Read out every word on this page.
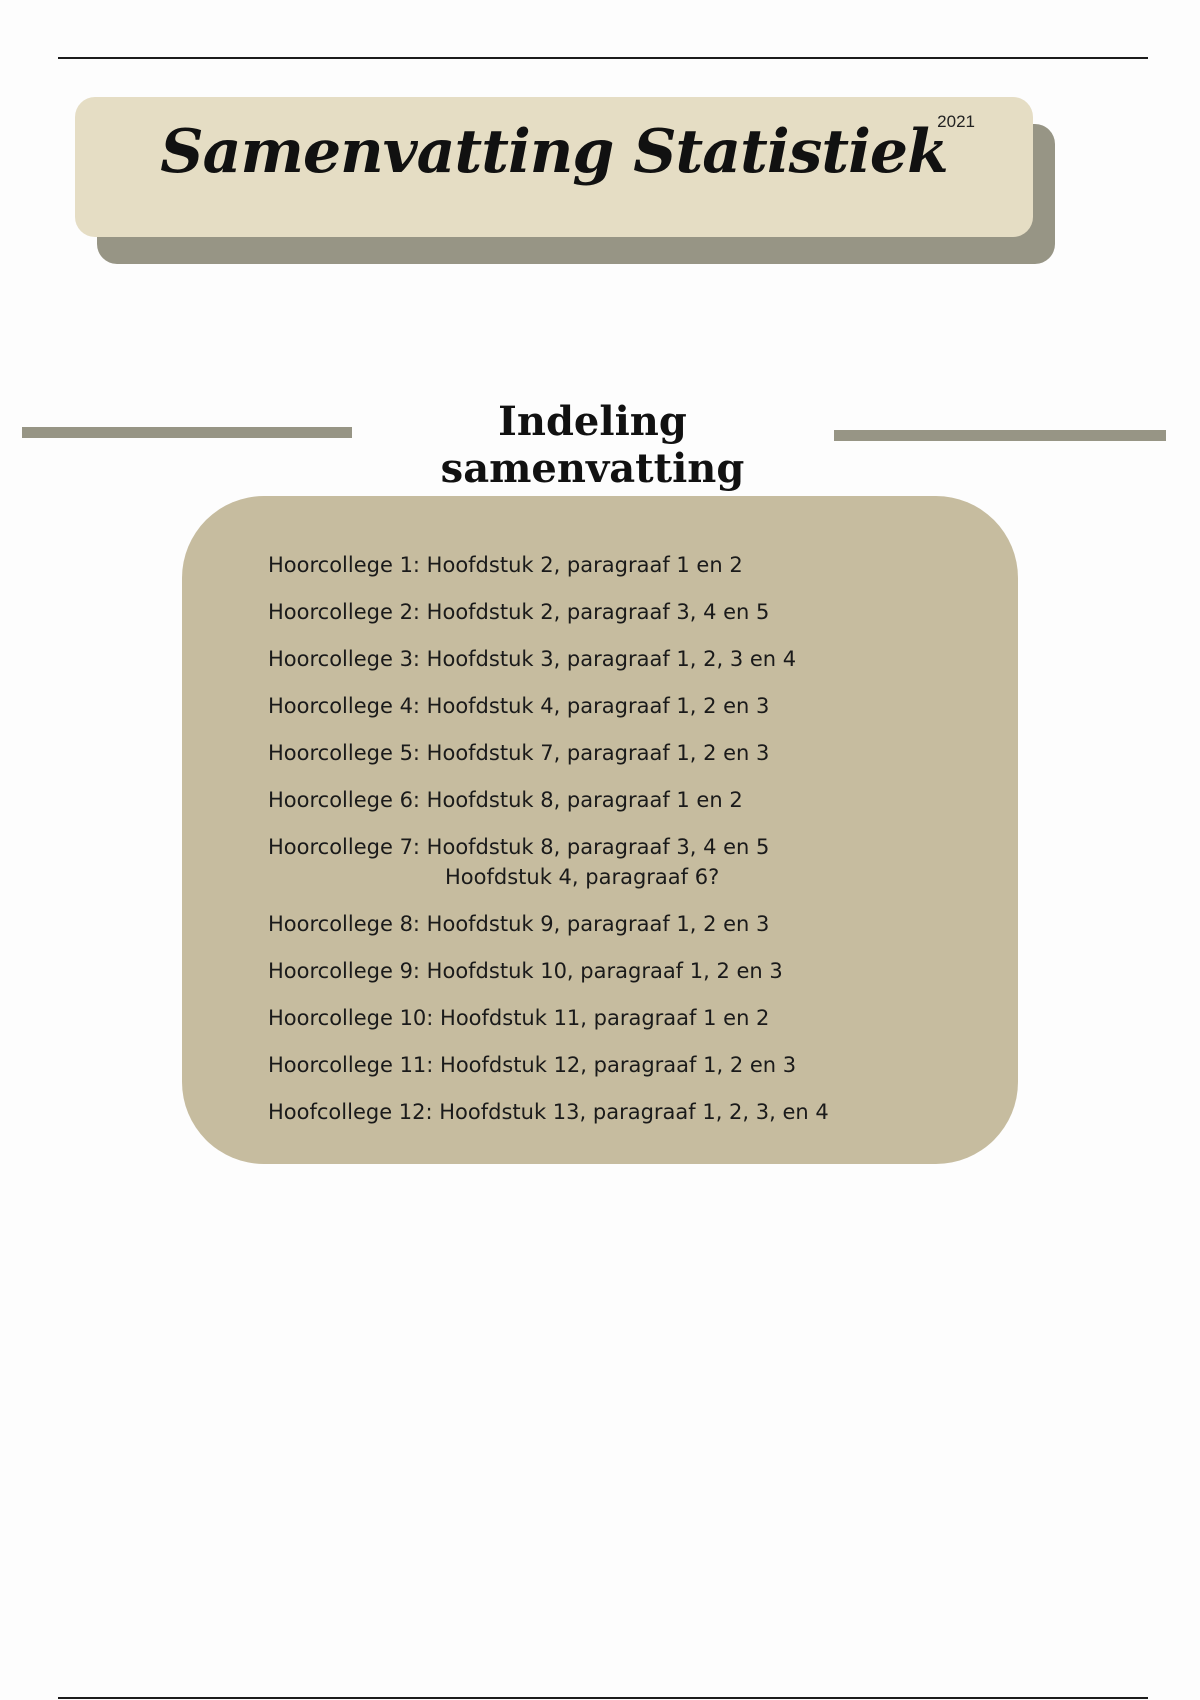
Samenvatting Statistiek
2021
Indeling samenvatting
Hoorcollege 1: Hoofdstuk 2, paragraaf 1 en 2
Hoorcollege 2: Hoofdstuk 2, paragraaf 3, 4 en 5
Hoorcollege 3: Hoofdstuk 3, paragraaf 1, 2, 3 en 4
Hoorcollege 4: Hoofdstuk 4, paragraaf 1, 2 en 3
Hoorcollege 5: Hoofdstuk 7, paragraaf 1, 2 en 3
Hoorcollege 6: Hoofdstuk 8, paragraaf 1 en 2
Hoorcollege 7: Hoofdstuk 8, paragraaf 3, 4 en 5
Hoofdstuk 4, paragraaf 6?
Hoorcollege 8: Hoofdstuk 9, paragraaf 1, 2 en 3
Hoorcollege 9: Hoofdstuk 10, paragraaf 1, 2 en 3
Hoorcollege 10: Hoofdstuk 11, paragraaf 1 en 2
Hoorcollege 11: Hoofdstuk 12, paragraaf 1, 2 en 3
Hoofcollege 12: Hoofdstuk 13, paragraaf 1, 2, 3, en 4
